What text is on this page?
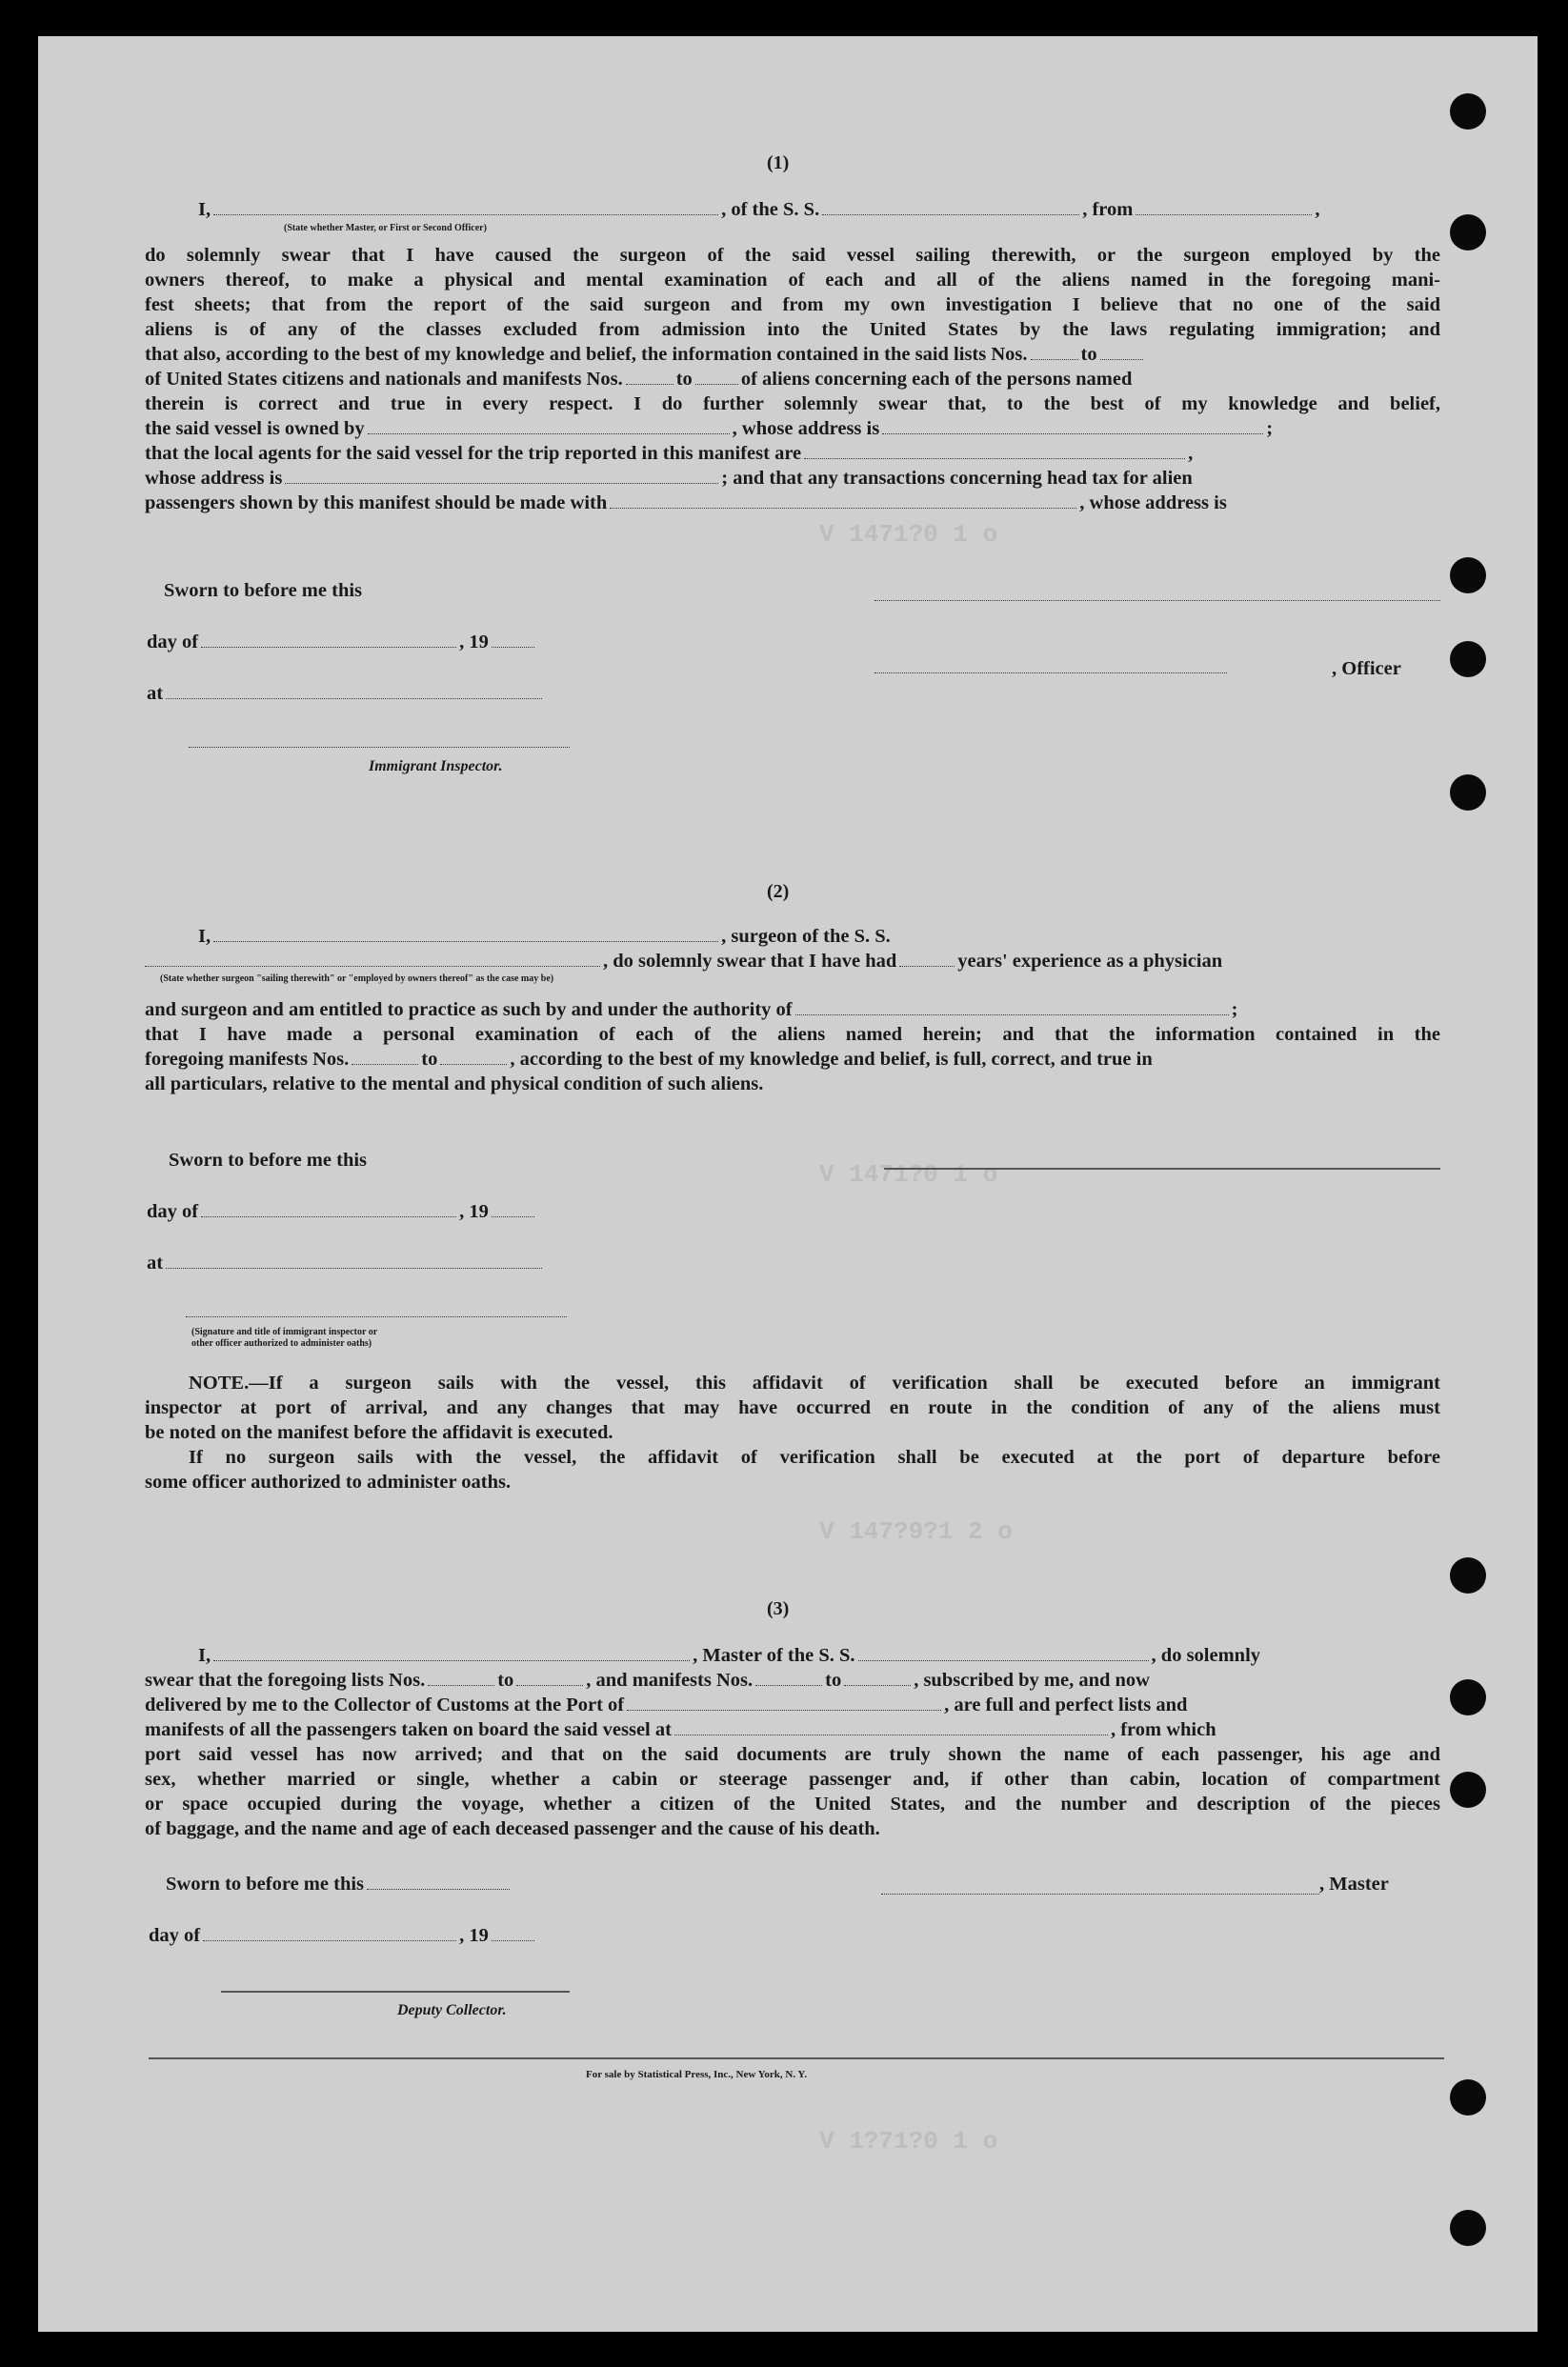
V 1471?0 1 o
V 1471?0 1 o
V 147?9?1 2 o
V 1?71?0 1 o
(1)
I,	, of the S. S.	, from	,
(State whether Master, or First or Second Officer)
do solemnly swear that I have caused the surgeon of the said vessel sailing therewith, or the surgeon employed by the
owners thereof, to make a physical and mental examination of each and all of the aliens named in the foregoing mani-
fest sheets; that from the report of the said surgeon and from my own investigation I believe that no one of the said
aliens is of any of the classes excluded from admission into the United States by the laws regulating immigration; and
that also, according to the best of my knowledge and belief, the information contained in the said lists Nos.	to
of United States citizens and nationals and manifests Nos.	to of aliens concerning each of the persons named
therein is correct and true in every respect. I do further solemnly swear that, to the best of my knowledge and belief,
the said vessel is owned by	, whose address is	;
that the local agents for the said vessel for the trip reported in this manifest are	,
whose address is	; and that any transactions concerning head tax for alien
passengers shown by this manifest should be made with	, whose address is
Sworn to before me this
day of	, 19
, Officer
at
Immigrant Inspector.
(2)
I,	, surgeon of the S. S.
, do solemnly swear that I have had	years' experience as a physician
(State whether surgeon "sailing therewith" or "employed by owners thereof" as the case may be)
and surgeon and am entitled to practice as such by and under the authority of	;
that I have made a personal examination of each of the aliens named herein; and that the information contained in the
foregoing manifests Nos.	to	, according to the best of my knowledge and belief, is full, correct, and true in
all particulars, relative to the mental and physical condition of such aliens.
Sworn to before me this
day of	, 19
at
(Signature and title of immigrant inspector or
other officer authorized to administer oaths)
NOTE.—If a surgeon sails with the vessel, this affidavit of verification shall be executed before an immigrant
inspector at port of arrival, and any changes that may have occurred en route in the condition of any of the aliens must
be noted on the manifest before the affidavit is executed.
If no surgeon sails with the vessel, the affidavit of verification shall be executed at the port of departure before
some officer authorized to administer oaths.
(3)
I,	, Master of the S. S.	, do solemnly
swear that the foregoing lists Nos.	to	, and manifests Nos.	to	, subscribed by me, and now
delivered by me to the Collector of Customs at the Port of	, are full and perfect lists and
manifests of all the passengers taken on board the said vessel at	, from which
port said vessel has now arrived; and that on the said documents are truly shown the name of each passenger, his age and
sex, whether married or single, whether a cabin or steerage passenger and, if other than cabin, location of compartment
or space occupied during the voyage, whether a citizen of the United States, and the number and description of the pieces
of baggage, and the name and age of each deceased passenger and the cause of his death.
Sworn to before me this	, Master
day of	, 19
Deputy Collector.
For sale by Statistical Press, Inc., New York, N. Y.
